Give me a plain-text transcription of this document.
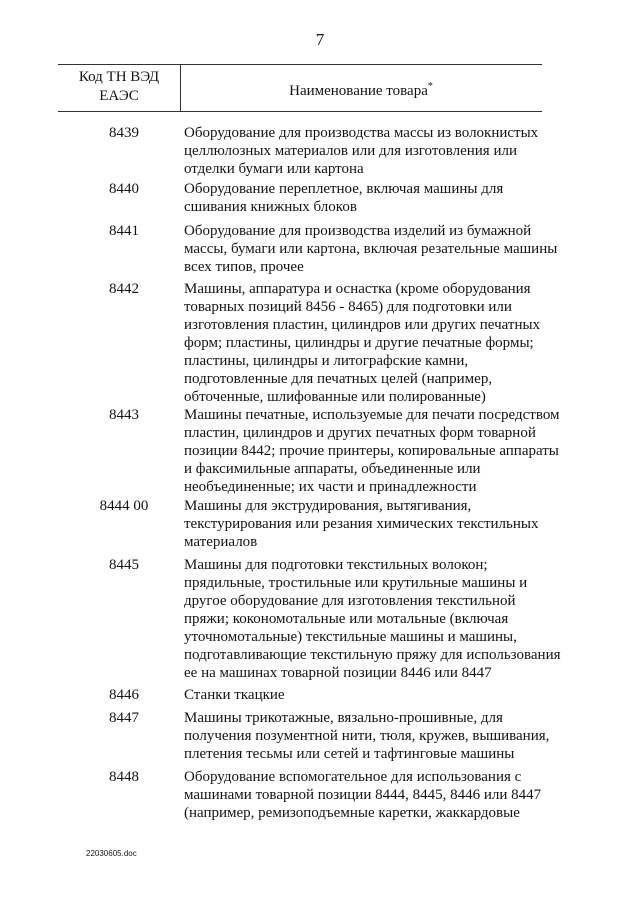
7
Код ТН ВЭД
ЕАЭС	Наименование товара*
8439	Оборудование для производства массы из волокнистых
целлюлозных материалов или для изготовления или
отделки бумаги или картона
8440	Оборудование переплетное, включая машины для
сшивания книжных блоков
8441	Оборудование для производства изделий из бумажной
массы, бумаги или картона, включая резательные машины
всех типов, прочее
8442	Машины, аппаратура и оснастка (кроме оборудования
товарных позиций 8456 - 8465) для подготовки или
изготовления пластин, цилиндров или других печатных
форм; пластины, цилиндры и другие печатные формы;
пластины, цилиндры и литографские камни,
подготовленные для печатных целей (например,
обточенные, шлифованные или полированные)
8443	Машины печатные, используемые для печати посредством
пластин, цилиндров и других печатных форм товарной
позиции 8442; прочие принтеры, копировальные аппараты
и факсимильные аппараты, объединенные или
необъединенные; их части и принадлежности
8444 00	Машины для экструдирования, вытягивания,
текстурирования или резания химических текстильных
материалов
8445	Машины для подготовки текстильных волокон;
прядильные, тростильные или крутильные машины и
другое оборудование для изготовления текстильной
пряжи; кокономотальные или мотальные (включая
уточномотальные) текстильные машины и машины,
подготавливающие текстильную пряжу для использования
ее на машинах товарной позиции 8446 или 8447
8446	Станки ткацкие
8447	Машины трикотажные, вязально-прошивные, для
получения позументной нити, тюля, кружев, вышивания,
плетения тесьмы или сетей и тафтинговые машины
8448	Оборудование вспомогательное для использования с
машинами товарной позиции 8444, 8445, 8446 или 8447
(например, ремизоподъемные каретки, жаккардовые
22030605.doc
